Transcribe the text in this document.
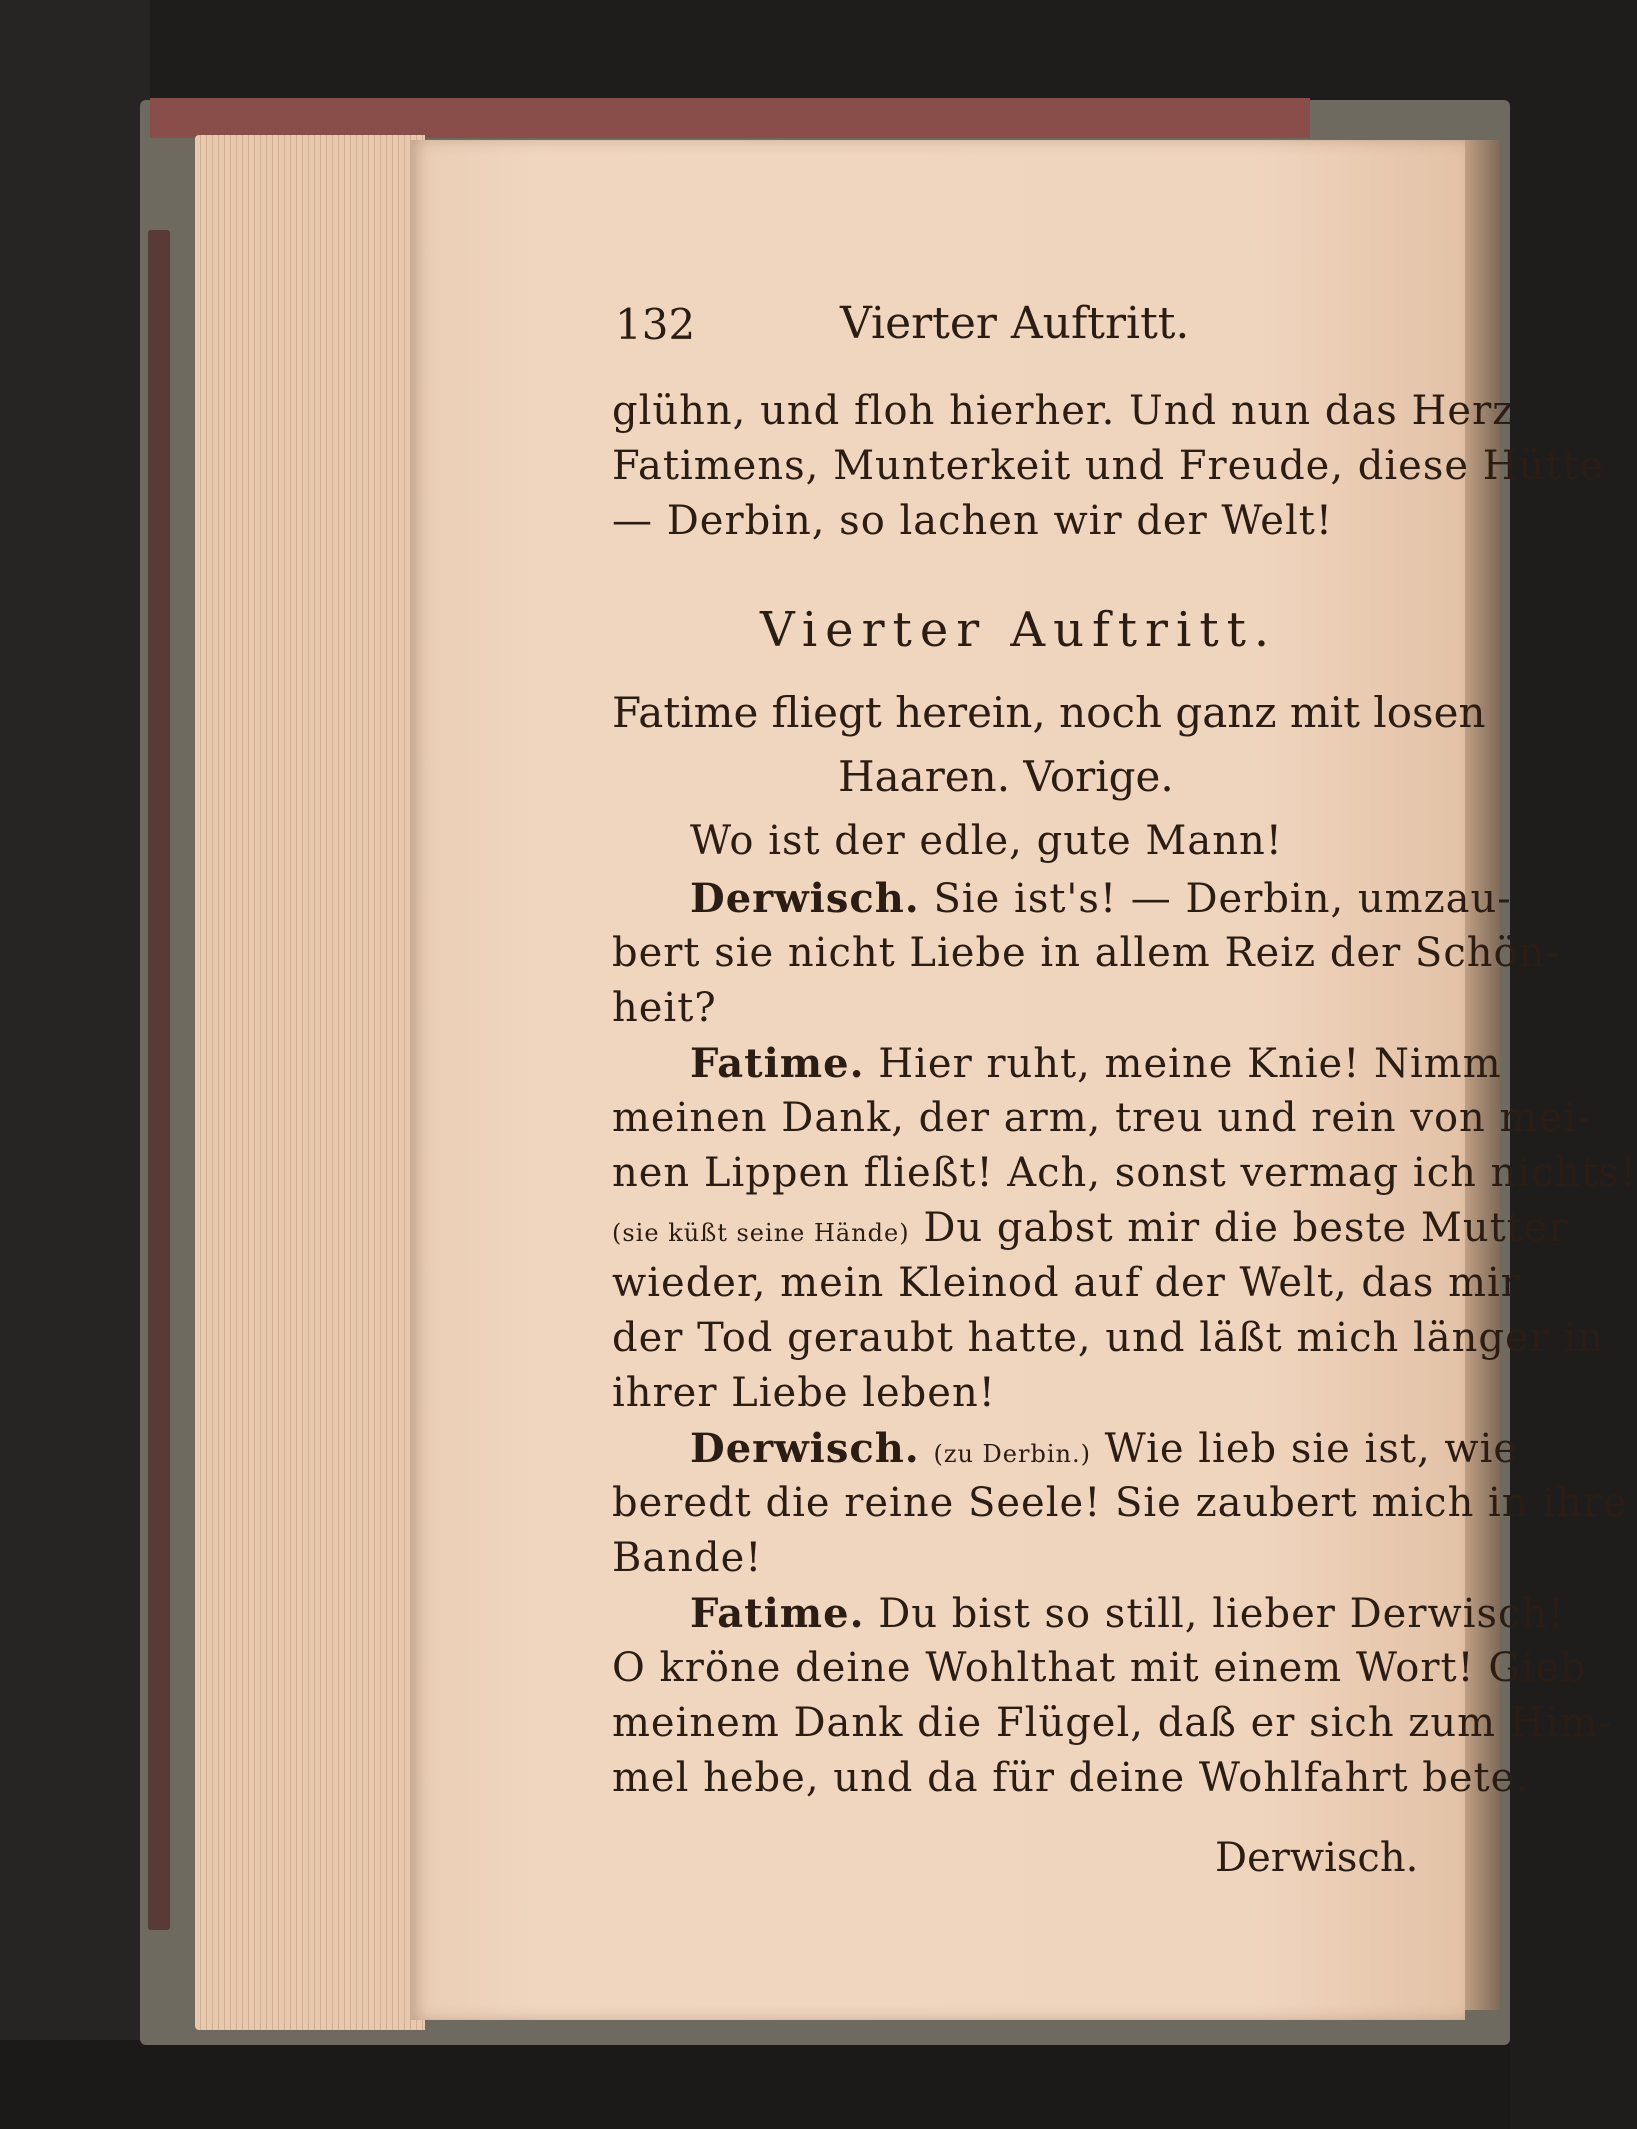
132	Vierter Auftritt.
glühn, und floh hierher. Und nun das Herz
Fatimens, Munterkeit und Freude, diese Hütte
— Derbin, so lachen wir der Welt!
Vierter Auftritt.
Fatime fliegt herein, noch ganz mit losen
Haaren. Vorige.
Wo ist der edle, gute Mann!
Derwisch. Sie ist's! — Derbin, umzau-
bert sie nicht Liebe in allem Reiz der Schön-
heit?
Fatime. Hier ruht, meine Knie! Nimm
meinen Dank, der arm, treu und rein von mei-
nen Lippen fließt! Ach, sonst vermag ich nichts!
(sie küßt seine Hände) Du gabst mir die beste Mutter
wieder, mein Kleinod auf der Welt, das mir
der Tod geraubt hatte, und läßt mich länger in
ihrer Liebe leben!
Derwisch. (zu Derbin.) Wie lieb sie ist, wie
beredt die reine Seele! Sie zaubert mich in ihre
Bande!
Fatime. Du bist so still, lieber Derwisch!
O kröne deine Wohlthat mit einem Wort! Gieb
meinem Dank die Flügel, daß er sich zum Him-
mel hebe, und da für deine Wohlfahrt bete.
Derwisch.
